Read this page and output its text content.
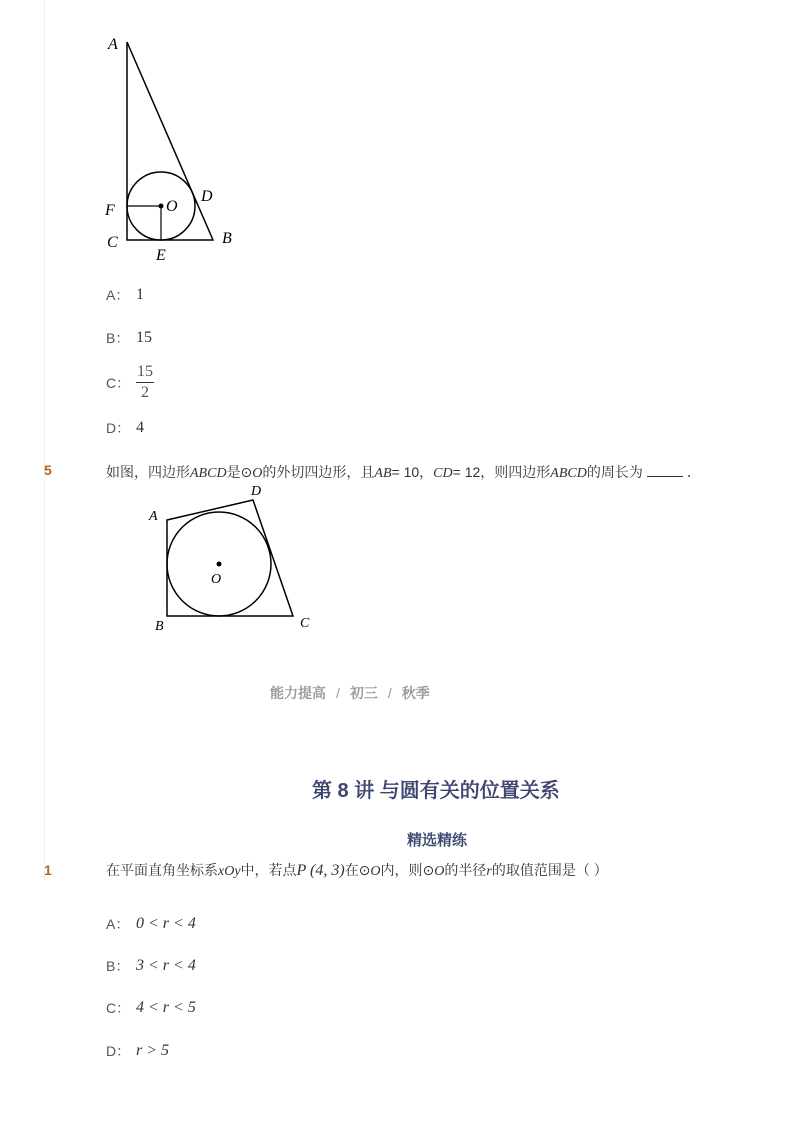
A
B
C
D
E
F	O
A： 1
B： 15
C： $\frac{15}{2}$
D： 4
5	如图，四边形ABCD是⊙O的外切四边形，且AB= 10，CD= 12，则四边形ABCD的周长为	．
A
B	C
D
O
能力提高 / 初三 / 秋季
第 8 讲 与圆有关的位置关系
精选精练
1	在平面直角坐标系xOy中，若点P (4, 3)在⊙O内，则⊙O的半径r的取值范围是（ ）
A： 0 < r < 4
B： 3 < r < 4
C： 4 < r < 5
D： r > 5
